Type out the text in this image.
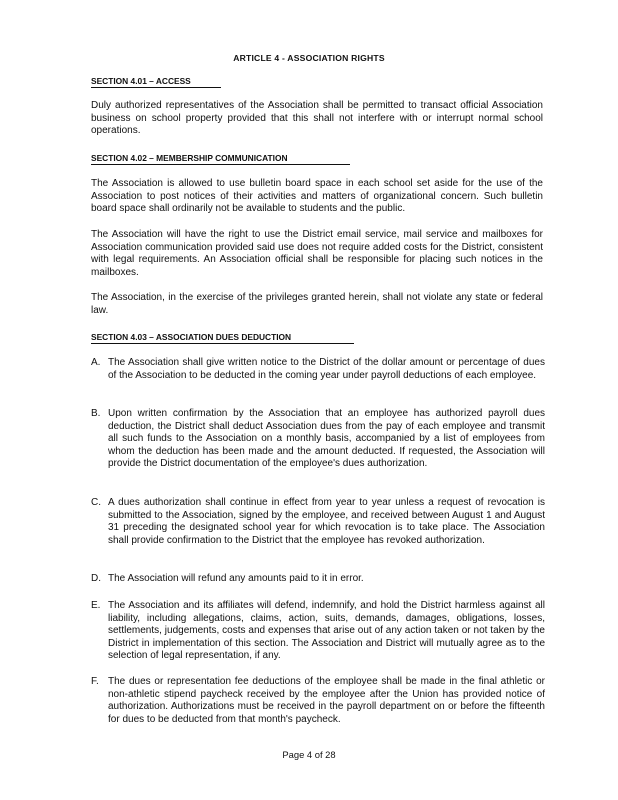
ARTICLE 4 - ASSOCIATION RIGHTS
SECTION 4.01 – ACCESS
Duly authorized representatives of the Association shall be permitted to transact official Association business on school property provided that this shall not interfere with or interrupt normal school operations.
SECTION 4.02 – MEMBERSHIP COMMUNICATION
The Association is allowed to use bulletin board space in each school set aside for the use of the Association to post notices of their activities and matters of organizational concern. Such bulletin board space shall ordinarily not be available to students and the public.
The Association will have the right to use the District email service, mail service and mailboxes for Association communication provided said use does not require added costs for the District, consistent with legal requirements. An Association official shall be responsible for placing such notices in the mailboxes.
The Association, in the exercise of the privileges granted herein, shall not violate any state or federal law.
SECTION 4.03 – ASSOCIATION DUES DEDUCTION
A. The Association shall give written notice to the District of the dollar amount or percentage of dues of the Association to be deducted in the coming year under payroll deductions of each employee.
B. Upon written confirmation by the Association that an employee has authorized payroll dues deduction, the District shall deduct Association dues from the pay of each employee and transmit all such funds to the Association on a monthly basis, accompanied by a list of employees from whom the deduction has been made and the amount deducted. If requested, the Association will provide the District documentation of the employee's dues authorization.
C. A dues authorization shall continue in effect from year to year unless a request of revocation is submitted to the Association, signed by the employee, and received between August 1 and August 31 preceding the designated school year for which revocation is to take place. The Association shall provide confirmation to the District that the employee has revoked authorization.
D. The Association will refund any amounts paid to it in error.
E. The Association and its affiliates will defend, indemnify, and hold the District harmless against all liability, including allegations, claims, action, suits, demands, damages, obligations, losses, settlements, judgements, costs and expenses that arise out of any action taken or not taken by the District in implementation of this section. The Association and District will mutually agree as to the selection of legal representation, if any.
F. The dues or representation fee deductions of the employee shall be made in the final athletic or non-athletic stipend paycheck received by the employee after the Union has provided notice of authorization. Authorizations must be received in the payroll department on or before the fifteenth for dues to be deducted from that month's paycheck.
Page 4 of 28
